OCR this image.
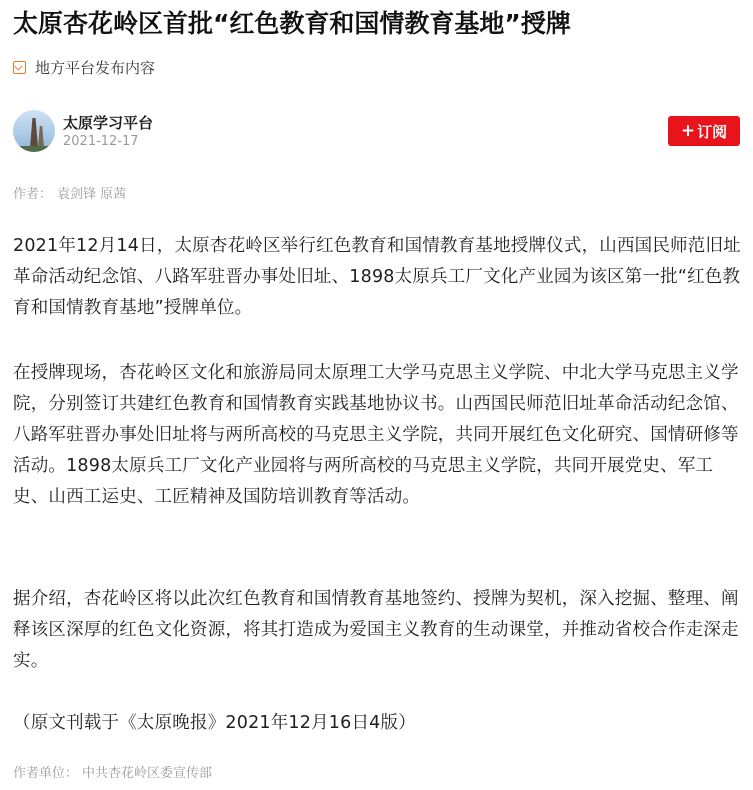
太原杏花岭区首批“红色教育和国情教育基地”授牌
地方平台发布内容
太原学习平台
2021-12-17
+ 订阅
作者： 袁剑锋 原茜

2021年12月14日，太原杏花岭区举行红色教育和国情教育基地授牌仪式，山西国民师范旧址革命活动纪念馆、八路军驻晋办事处旧址、1898太原兵工厂文化产业园为该区第一批“红色教育和国情教育基地”授牌单位。

在授牌现场，杏花岭区文化和旅游局同太原理工大学马克思主义学院、中北大学马克思主义学院，分别签订共建红色教育和国情教育实践基地协议书。山西国民师范旧址革命活动纪念馆、八路军驻晋办事处旧址将与两所高校的马克思主义学院，共同开展红色文化研究、国情研修等活动。1898太原兵工厂文化产业园将与两所高校的马克思主义学院，共同开展党史、军工史、山西工运史、工匠精神及国防培训教育等活动。

据介绍，杏花岭区将以此次红色教育和国情教育基地签约、授牌为契机，深入挖掘、整理、阐释该区深厚的红色文化资源，将其打造成为爱国主义教育的生动课堂，并推动省校合作走深走实。

（原文刊载于《太原晚报》2021年12月16日4版）

作者单位： 中共杏花岭区委宣传部
